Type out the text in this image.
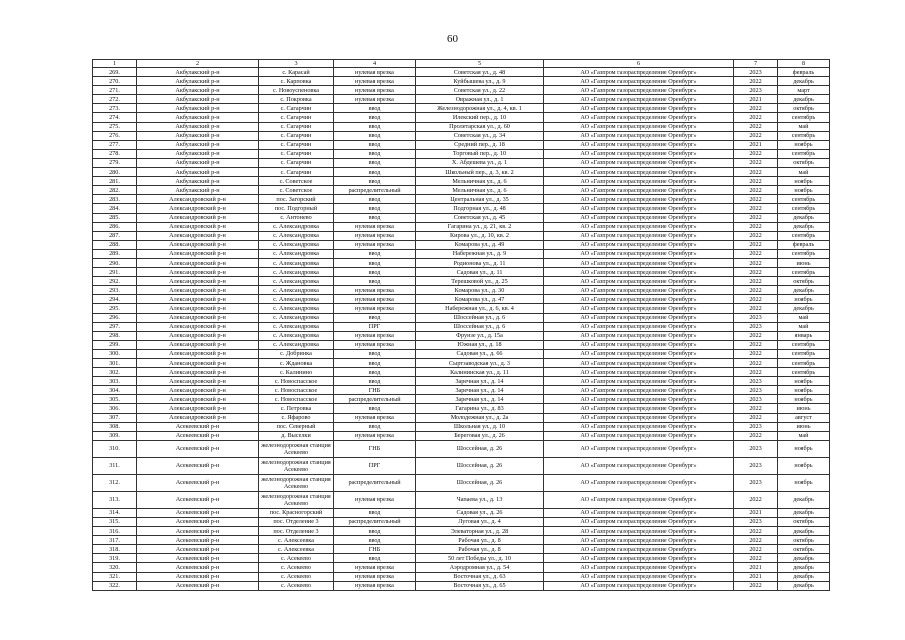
60
1	2	3	4	5	6	7	8
269.	Акбулакский р-н	с. Карасай	нулевая врезка	Советская ул., д. 48	АО «Газпром газораспределение Оренбург»	2023	февраль
270.	Акбулакский р-н	с. Карповка	нулевая врезка	Куйбышева ул., д. 9	АО «Газпром газораспределение Оренбург»	2022	декабрь
271.	Акбулакский р-н	с. Новоуспеновка	нулевая врезка	Советская ул., д. 22	АО «Газпром газораспределение Оренбург»	2023	март
272.	Акбулакский р-н	с. Покровка	нулевая врезка	Овражная ул., д. 1	АО «Газпром газораспределение Оренбург»	2021	декабрь
273.	Акбулакский р-н	с. Сагарчин	ввод	Железнодорожная ул., д. 4, кв. 1	АО «Газпром газораспределение Оренбург»	2022	октябрь
274.	Акбулакский р-н	с. Сагарчин	ввод	Илекский пер., д. 10	АО «Газпром газораспределение Оренбург»	2022	сентябрь
275.	Акбулакский р-н	с. Сагарчин	ввод	Пролетарская ул., д. 60	АО «Газпром газораспределение Оренбург»	2022	май
276.	Акбулакский р-н	с. Сагарчин	ввод	Советская ул., д. 34	АО «Газпром газораспределение Оренбург»	2022	сентябрь
277.	Акбулакский р-н	с. Сагарчин	ввод	Средний пер., д. 18	АО «Газпром газораспределение Оренбург»	2021	ноябрь
278.	Акбулакский р-н	с. Сагарчин	ввод	Торговый пер., д. 10	АО «Газпром газораспределение Оренбург»	2022	сентябрь
279.	Акбулакский р-н	с. Сагарчин	ввод	Х. Абдешева ул., д. 1	АО «Газпром газораспределение Оренбург»	2022	октябрь
280.	Акбулакский р-н	с. Сагарчин	ввод	Школьный пер., д. 3, кв. 2	АО «Газпром газораспределение Оренбург»	2022	май
281.	Акбулакский р-н	с. Советское	ввод	Мельничная ул., д. 6	АО «Газпром газораспределение Оренбург»	2022	ноябрь
282.	Акбулакский р-н	с. Советское	распределительный	Мельничная ул., д. 6	АО «Газпром газораспределение Оренбург»	2022	ноябрь
283.	Александровский р-н	пос. Загорский	ввод	Центральная ул., д. 35	АО «Газпром газораспределение Оренбург»	2022	сентябрь
284.	Александровский р-н	пос. Подгорный	ввод	Подгорная ул., д. 48	АО «Газпром газораспределение Оренбург»	2022	сентябрь
285.	Александровский р-н	с. Антонево	ввод	Советская ул., д. 45	АО «Газпром газораспределение Оренбург»	2022	декабрь
286.	Александровский р-н	с. Александровка	нулевая врезка	Гагарина ул., д. 21, кв. 2	АО «Газпром газораспределение Оренбург»	2022	декабрь
287.	Александровский р-н	с. Александровка	нулевая врезка	Кирова ул., д. 10, кв. 2	АО «Газпром газораспределение Оренбург»	2022	сентябрь
288.	Александровский р-н	с. Александровка	нулевая врезка	Комарова ул., д. 49	АО «Газпром газораспределение Оренбург»	2022	февраль
289.	Александровский р-н	с. Александровка	ввод	Набережная ул., д. 9	АО «Газпром газораспределение Оренбург»	2022	сентябрь
290.	Александровский р-н	с. Александровка	ввод	Родионова ул., д. 11	АО «Газпром газораспределение Оренбург»	2022	июнь
291.	Александровский р-н	с. Александровка	ввод	Садовая ул., д. 11	АО «Газпром газораспределение Оренбург»	2022	сентябрь
292.	Александровский р-н	с. Александровка	ввод	Терешковой ул., д. 25	АО «Газпром газораспределение Оренбург»	2022	октябрь
293.	Александровский р-н	с. Александровка	нулевая врезка	Комарова ул., д. 30	АО «Газпром газораспределение Оренбург»	2022	декабрь
294.	Александровский р-н	с. Александровка	нулевая врезка	Комарова ул., д. 47	АО «Газпром газораспределение Оренбург»	2022	ноябрь
295.	Александровский р-н	с. Александровка	нулевая врезка	Набережная ул., д. 6, кв. 4	АО «Газпром газораспределение Оренбург»	2022	декабрь
296.	Александровский р-н	с. Александровка	ввод	Шоссейная ул., д. 6	АО «Газпром газораспределение Оренбург»	2023	май
297.	Александровский р-н	с. Александровка	ПРГ	Шоссейная ул., д. 6	АО «Газпром газораспределение Оренбург»	2023	май
298.	Александровский р-н	с. Александровка	нулевая врезка	Фрунзе ул., д. 15а	АО «Газпром газораспределение Оренбург»	2022	январь
299.	Александровский р-н	с. Александровка	нулевая врезка	Южная ул., д. 18	АО «Газпром газораспределение Оренбург»	2022	сентябрь
300.	Александровский р-н	с. Добринка	ввод	Садовая ул., д. 66	АО «Газпром газораспределение Оренбург»	2022	сентябрь
301.	Александровский р-н	с. Ждановка	ввод	Сыртзаводская ул., д. 3	АО «Газпром газораспределение Оренбург»	2022	сентябрь
302.	Александровский р-н	с. Калинино	ввод	Калининская ул., д. 11	АО «Газпром газораспределение Оренбург»	2022	сентябрь
303.	Александровский р-н	с. Новоспасское	ввод	Заречная ул., д. 14	АО «Газпром газораспределение Оренбург»	2023	ноябрь
304.	Александровский р-н	с. Новоспасское	ГНБ	Заречная ул., д. 14	АО «Газпром газораспределение Оренбург»	2023	ноябрь
305.	Александровский р-н	с. Новоспасское	распределительный	Заречная ул., д. 14	АО «Газпром газораспределение Оренбург»	2023	ноябрь
306.	Александровский р-н	с. Петровка	ввод	Гагарина ул., д. 83	АО «Газпром газораспределение Оренбург»	2022	июнь
307.	Александровский р-н	с. Яфарово	нулевая врезка	Молодежная ул., д. 2а	АО «Газпром газораспределение Оренбург»	2022	август
308.	Асекеевский р-н	пос. Северный	ввод	Школьная ул., д. 10	АО «Газпром газораспределение Оренбург»	2023	июнь
309.	Асекеевский р-н	д. Выселки	нулевая врезка	Береговая ул., д. 26	АО «Газпром газораспределение Оренбург»	2022	май
310.	Асекеевский р-н	железнодорожная станция Асекеево	ГНБ	Шоссейная, д. 26	АО «Газпром газораспределение Оренбург»	2023	ноябрь
311.	Асекеевский р-н	железнодорожная станция Асекеево	ПРГ	Шоссейная, д. 26	АО «Газпром газораспределение Оренбург»	2023	ноябрь
312.	Асекеевский р-н	железнодорожная станция Асекеево	распределительный	Шоссейная, д. 26	АО «Газпром газораспределение Оренбург»	2023	ноябрь
313.	Асекеевский р-н	железнодорожная станция Асекеево	нулевая врезка	Чапаева ул., д. 13	АО «Газпром газораспределение Оренбург»	2022	декабрь
314.	Асекеевский р-н	пос. Красногорский	ввод	Садовая ул., д. 26	АО «Газпром газораспределение Оренбург»	2021	декабрь
315.	Асекеевский р-н	пос. Отделение 3	распределительный	Луговая ул., д. 4	АО «Газпром газораспределение Оренбург»	2023	октябрь
316.	Асекеевский р-н	пос. Отделение 3	ввод	Элеваторная ул., д. 28	АО «Газпром газораспределение Оренбург»	2022	декабрь
317.	Асекеевский р-н	с. Алексеевка	ввод	Рабочая ул., д. 8	АО «Газпром газораспределение Оренбург»	2022	октябрь
318.	Асекеевский р-н	с. Алексеевка	ГНБ	Рабочая ул., д. 8	АО «Газпром газораспределение Оренбург»	2022	октябрь
319.	Асекеевский р-н	с. Асекеево	ввод	50 лет Победы ул., д. 10	АО «Газпром газораспределение Оренбург»	2022	декабрь
320.	Асекеевский р-н	с. Асекеево	нулевая врезка	Аэродромная ул., д. 54	АО «Газпром газораспределение Оренбург»	2021	декабрь
321.	Асекеевский р-н	с. Асекеево	нулевая врезка	Восточная ул., д. 63	АО «Газпром газораспределение Оренбург»	2021	декабрь
322.	Асекеевский р-н	с. Асекеево	нулевая врезка	Восточная ул., д. 65	АО «Газпром газораспределение Оренбург»	2022	декабрь
